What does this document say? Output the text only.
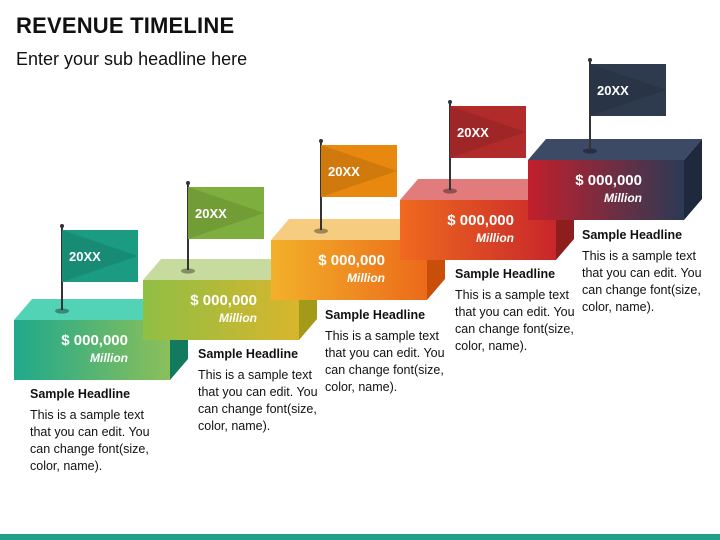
REVENUE TIMELINE
Enter your sub headline here
$ 000,000
Million
20XX
$ 000,000
Million
20XX
$ 000,000
Million
20XX
$ 000,000
Million
20XX
$ 000,000
Million
20XX
Sample Headline
This is a sample text that you can edit. You can change font(size, color, name).
Sample Headline
This is a sample text that you can edit. You can change font(size, color, name).
Sample Headline
This is a sample text that you can edit. You can change font(size, color, name).
Sample Headline
This is a sample text that you can edit. You can change font(size, color, name).
Sample Headline
This is a sample text that you can edit. You can change font(size, color, name).
